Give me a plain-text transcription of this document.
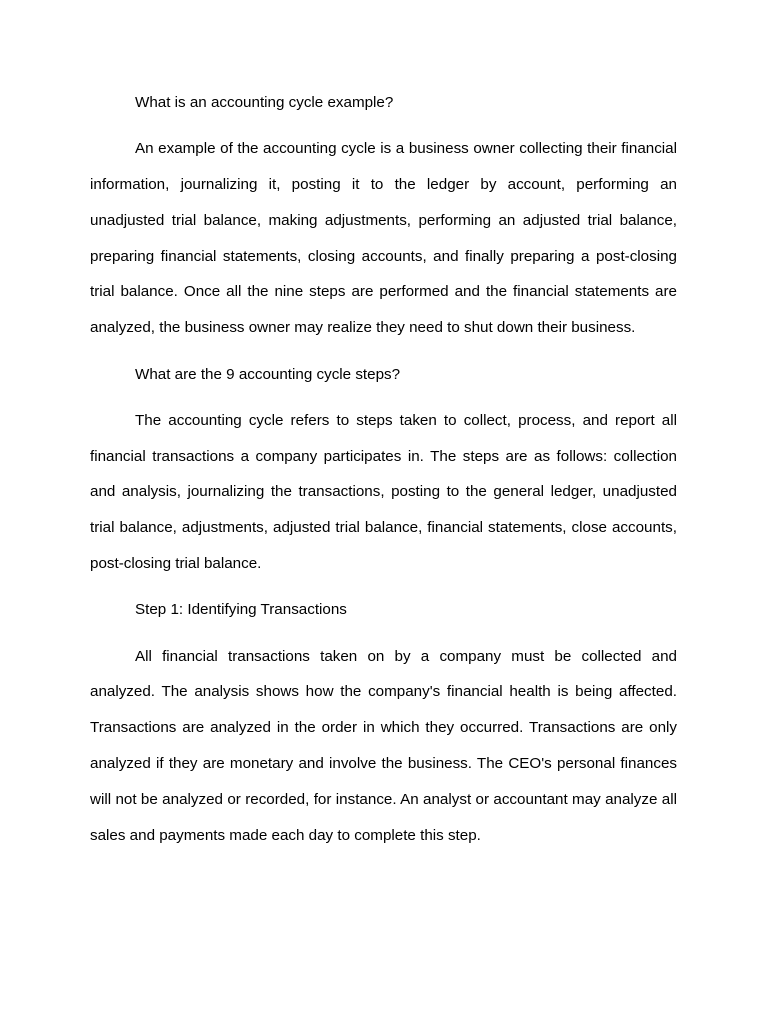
What is an accounting cycle example?

An example of the accounting cycle is a business owner collecting their financial information, journalizing it, posting it to the ledger by account, performing an unadjusted trial balance, making adjustments, performing an adjusted trial balance, preparing financial statements, closing accounts, and finally preparing a post-closing trial balance. Once all the nine steps are performed and the financial statements are analyzed, the business owner may realize they need to shut down their business.

What are the 9 accounting cycle steps?

The accounting cycle refers to steps taken to collect, process, and report all financial transactions a company participates in. The steps are as follows: collection and analysis, journalizing the transactions, posting to the general ledger, unadjusted trial balance, adjustments, adjusted trial balance, financial statements, close accounts, post-closing trial balance.

Step 1: Identifying Transactions

All financial transactions taken on by a company must be collected and analyzed. The analysis shows how the company's financial health is being affected. Transactions are analyzed in the order in which they occurred. Transactions are only analyzed if they are monetary and involve the business. The CEO's personal finances will not be analyzed or recorded, for instance. An analyst or accountant may analyze all sales and payments made each day to complete this step.
